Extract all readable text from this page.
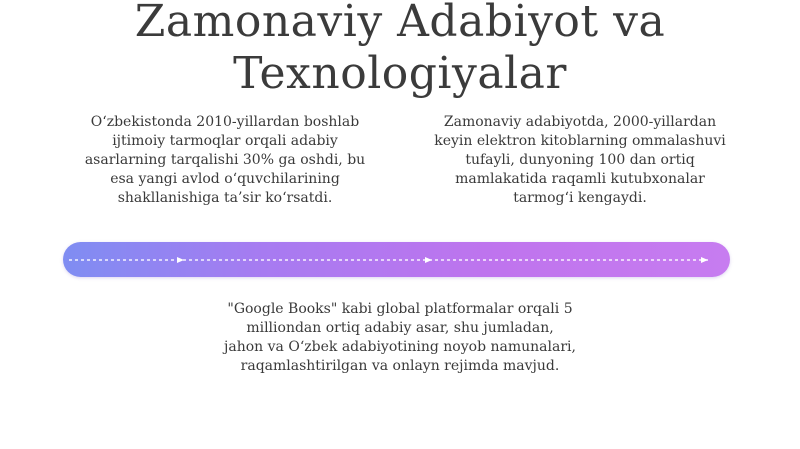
Zamonaviy Adabiyot va
Texnologiyalar
O‘zbekistonda 2010-yillardan boshlab
ijtimoiy tarmoqlar orqali adabiy
asarlarning tarqalishi 30% ga oshdi, bu
esa yangi avlod o‘quvchilarining
shakllanishiga ta’sir ko‘rsatdi.
Zamonaviy adabiyotda, 2000-yillardan
keyin elektron kitoblarning ommalashuvi
tufayli, dunyoning 100 dan ortiq
mamlakatida raqamli kutubxonalar
tarmog‘i kengaydi.
"Google Books" kabi global platformalar orqali 5
milliondan ortiq adabiy asar, shu jumladan,
jahon va O‘zbek adabiyotining noyob namunalari,
raqamlashtirilgan va onlayn rejimda mavjud.
